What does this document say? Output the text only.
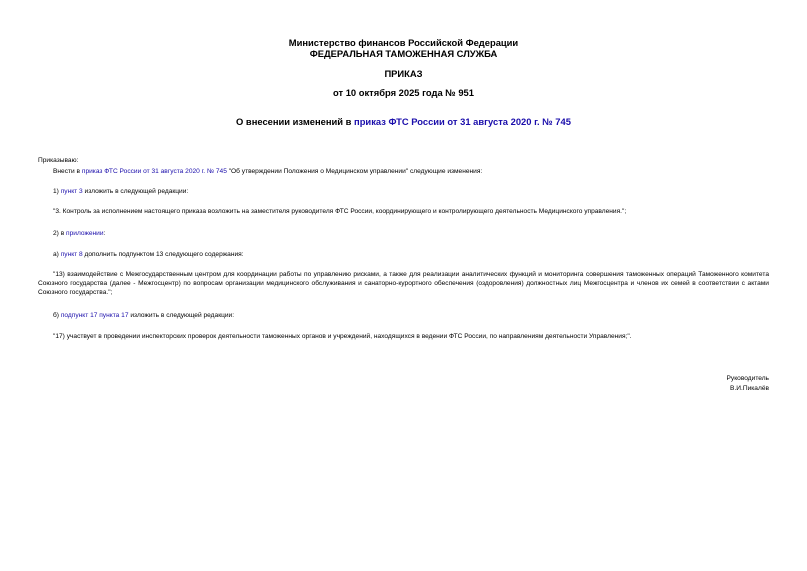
Министерство финансов Российской Федерации
ФЕДЕРАЛЬНАЯ ТАМОЖЕННАЯ СЛУЖБА
ПРИКАЗ
от 10 октября 2025 года № 951
О внесении изменений в приказ ФТС России от 31 августа 2020 г. № 745
Приказываю:
Внести в приказ ФТС России от 31 августа 2020 г. № 745 "Об утверждении Положения о Медицинском управлении" следующие изменения:
1) пункт 3 изложить в следующей редакции:
"3. Контроль за исполнением настоящего приказа возложить на заместителя руководителя ФТС России, координирующего и контролирующего деятельность Медицинского управления.";
2) в приложении:
а) пункт 8 дополнить подпунктом 13 следующего содержания:
"13) взаимодействие с Межгосударственным центром для координации работы по управлению рисками, а также для реализации аналитических функций и мониторинга совершения таможенных операций Таможенного комитета Союзного государства (далее - Межгосцентр) по вопросам организации медицинского обслуживания и санаторно-курортного обеспечения (оздоровления) должностных лиц Межгосцентра и членов их семей в соответствии с актами Союзного государства.";
б) подпункт 17 пункта 17 изложить в следующей редакции:
"17) участвует в проведении инспекторских проверок деятельности таможенных органов и учреждений, находящихся в ведении ФТС России, по направлениям деятельности Управления;".
Руководитель
В.И.Пикалёв
